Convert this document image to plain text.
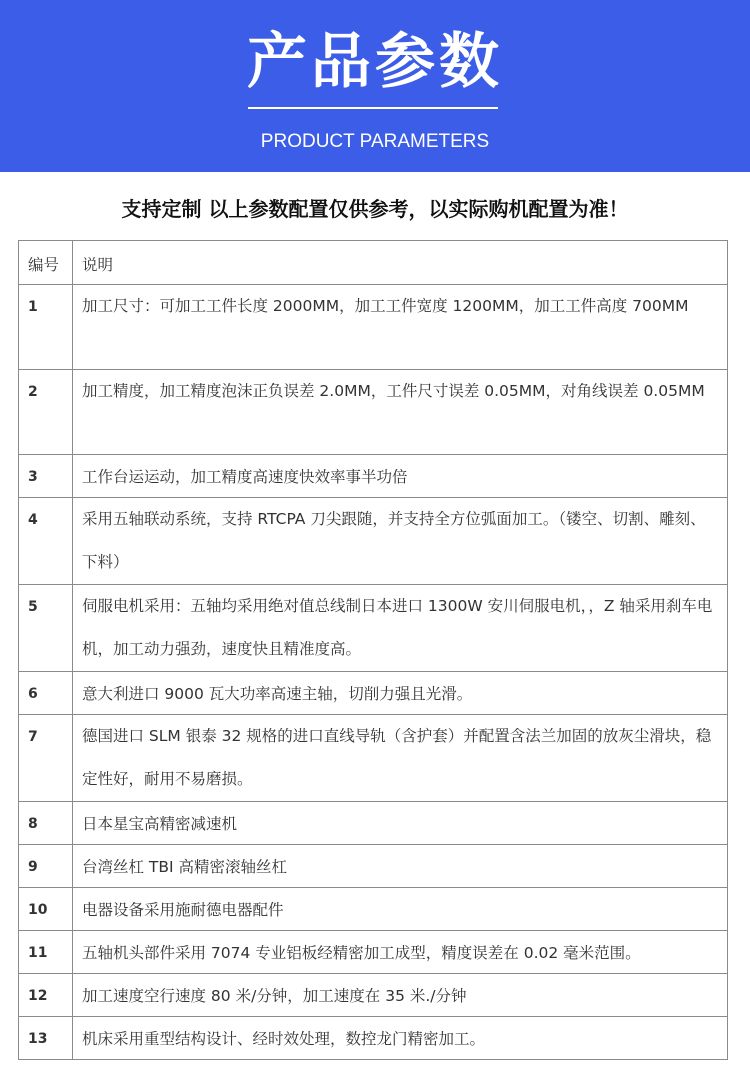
产品参数
PRODUCT PARAMETERS
支持定制 以上参数配置仅供参考，以实际购机配置为准！
编号	说明
1	加工尺寸：可加工工件长度 2000MM，加工工件宽度 1200MM，加工工件高度 700MM
2	加工精度，加工精度泡沫正负误差 2.0MM，工件尺寸误差 0.05MM，对角线误差 0.05MM
3	工作台运运动，加工精度高速度快效率事半功倍
4	采用五轴联动系统，支持 RTCPA 刀尖跟随，并支持全方位弧面加工。（镂空、切割、雕刻、下料）
5	伺服电机采用：五轴均采用绝对值总线制日本进口 1300W 安川伺服电机，，Z 轴采用刹车电机，加工动力强劲，速度快且精准度高。
6	意大利进口 9000 瓦大功率高速主轴，切削力强且光滑。
7	德国进口 SLM 银泰 32 规格的进口直线导轨（含护套）并配置含法兰加固的放灰尘滑块，稳定性好，耐用不易磨损。
8	日本星宝高精密减速机
9	台湾丝杠 TBI 高精密滚轴丝杠
10	电器设备采用施耐德电器配件
11	五轴机头部件采用 7074 专业铝板经精密加工成型，精度误差在 0.02 毫米范围。
12	加工速度空行速度 80 米/分钟，加工速度在 35 米./分钟
13	机床采用重型结构设计、经时效处理，数控龙门精密加工。
